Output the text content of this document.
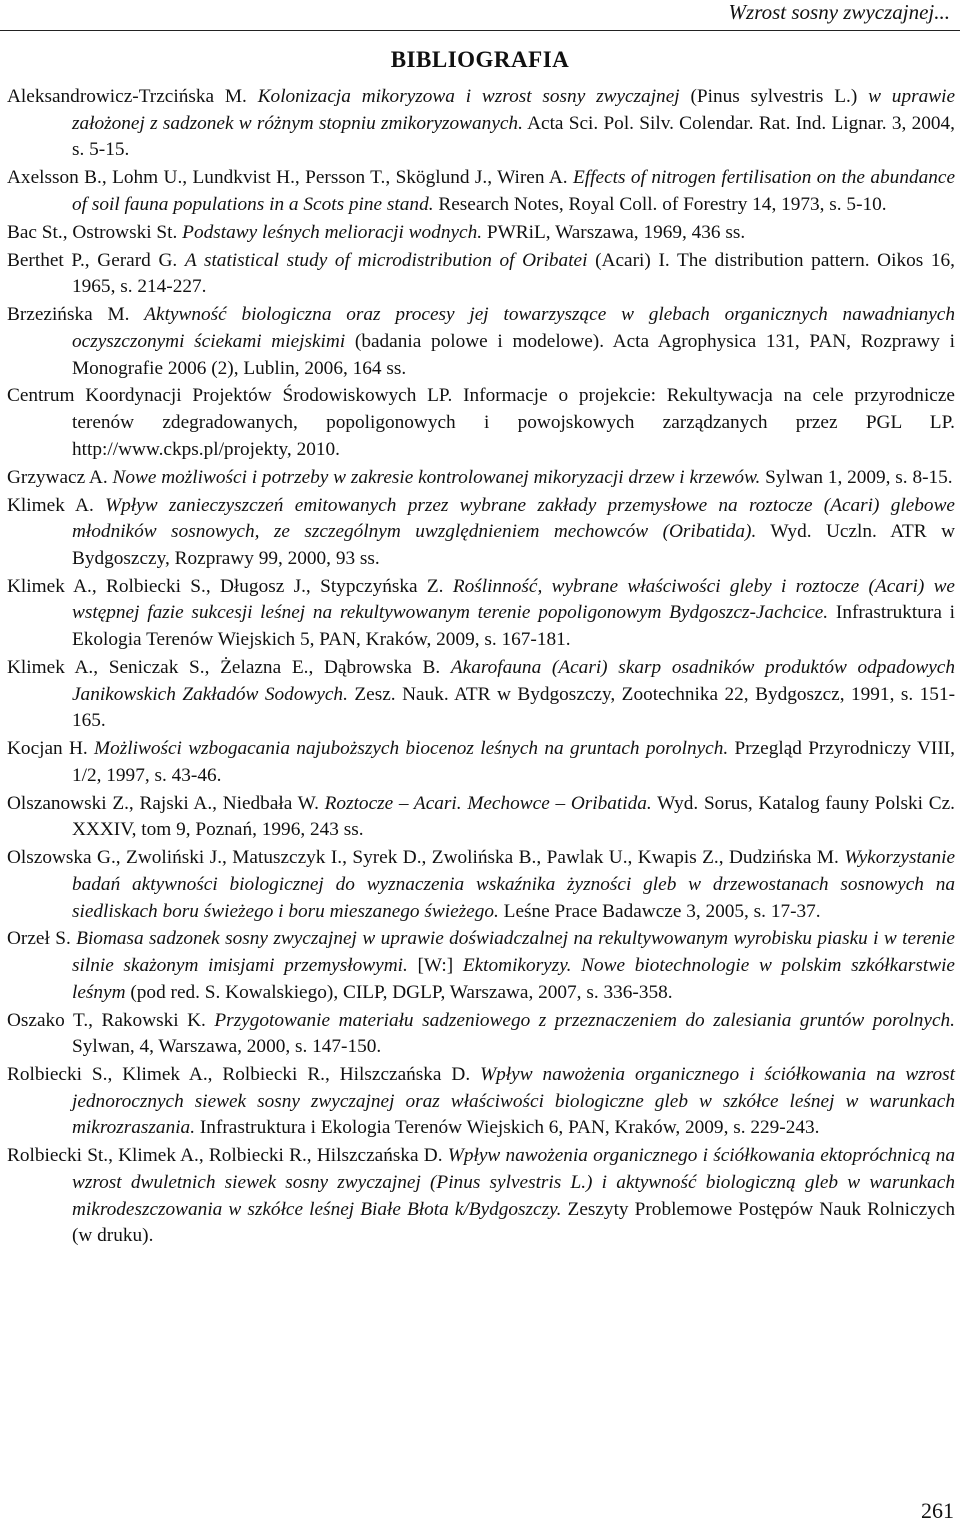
Wzrost sosny zwyczajnej...
BIBLIOGRAFIA

Aleksandrowicz-Trzcińska M. Kolonizacja mikoryzowa i wzrost sosny zwyczajnej (Pinus sylvestris L.) w uprawie założonej z sadzonek w różnym stopniu zmikoryzowanych. Acta Sci. Pol. Silv. Colendar. Rat. Ind. Lignar. 3, 2004, s. 5-15.

Axelsson B., Lohm U., Lundkvist H., Persson T., Sköglund J., Wiren A. Effects of nitrogen fertilisation on the abundance of soil fauna populations in a Scots pine stand. Research Notes, Royal Coll. of Forestry 14, 1973, s. 5-10.

Bac St., Ostrowski St. Podstawy leśnych melioracji wodnych. PWRiL, Warszawa, 1969, 436 ss.

Berthet P., Gerard G. A statistical study of microdistribution of Oribatei (Acari) I. The distribution pattern. Oikos 16, 1965, s. 214-227.

Brzezińska M. Aktywność biologiczna oraz procesy jej towarzyszące w glebach organicznych nawadnianych oczyszczonymi ściekami miejskimi (badania polowe i modelowe). Acta Agrophysica 131, PAN, Rozprawy i Monografie 2006 (2), Lublin, 2006, 164 ss.

Centrum Koordynacji Projektów Środowiskowych LP. Informacje o projekcie: Rekultywacja na cele przyrodnicze terenów zdegradowanych, popoligonowych i powojskowych zarządzanych przez PGL LP. http://www.ckps.pl/projekty, 2010.

Grzywacz A. Nowe możliwości i potrzeby w zakresie kontrolowanej mikoryzacji drzew i krzewów. Sylwan 1, 2009, s. 8-15.

Klimek A. Wpływ zanieczyszczeń emitowanych przez wybrane zakłady przemysłowe na roztocze (Acari) glebowe młodników sosnowych, ze szczególnym uwzględnieniem mechowców (Oribatida). Wyd. Uczln. ATR w Bydgoszczy, Rozprawy 99, 2000, 93 ss.

Klimek A., Rolbiecki S., Długosz J., Stypczyńska Z. Roślinność, wybrane właściwości gleby i roztocze (Acari) we wstępnej fazie sukcesji leśnej na rekultywowanym terenie popoligonowym Bydgoszcz-Jachcice. Infrastruktura i Ekologia Terenów Wiejskich 5, PAN, Kraków, 2009, s. 167-181.

Klimek A., Seniczak S., Żelazna E., Dąbrowska B. Akarofauna (Acari) skarp osadników produktów odpadowych Janikowskich Zakładów Sodowych. Zesz. Nauk. ATR w Bydgoszczy, Zootechnika 22, Bydgoszcz, 1991, s. 151-165.

Kocjan H. Możliwości wzbogacania najuboższych biocenoz leśnych na gruntach porolnych. Przegląd Przyrodniczy VIII, 1/2, 1997, s. 43-46.

Olszanowski Z., Rajski A., Niedbała W. Roztocze – Acari. Mechowce – Oribatida. Wyd. Sorus, Katalog fauny Polski Cz. XXXIV, tom 9, Poznań, 1996, 243 ss.

Olszowska G., Zwoliński J., Matuszczyk I., Syrek D., Zwolińska B., Pawlak U., Kwapis Z., Dudzińska M. Wykorzystanie badań aktywności biologicznej do wyznaczenia wskaźnika żyzności gleb w drzewostanach sosnowych na siedliskach boru świeżego i boru mieszanego świeżego. Leśne Prace Badawcze 3, 2005, s. 17-37.

Orzeł S. Biomasa sadzonek sosny zwyczajnej w uprawie doświadczalnej na rekultywowanym wyrobisku piasku i w terenie silnie skażonym imisjami przemysłowymi. [W:] Ektomikoryzy. Nowe biotechnologie w polskim szkółkarstwie leśnym (pod red. S. Kowalskiego), CILP, DGLP, Warszawa, 2007, s. 336-358.

Oszako T., Rakowski K. Przygotowanie materiału sadzeniowego z przeznaczeniem do zalesiania gruntów porolnych. Sylwan, 4, Warszawa, 2000, s. 147-150.

Rolbiecki S., Klimek A., Rolbiecki R., Hilszczańska D. Wpływ nawożenia organicznego i ściółkowania na wzrost jednorocznych siewek sosny zwyczajnej oraz właściwości biologiczne gleb w szkółce leśnej w warunkach mikrozraszania. Infrastruktura i Ekologia Terenów Wiejskich 6, PAN, Kraków, 2009, s. 229-243.

Rolbiecki St., Klimek A., Rolbiecki R., Hilszczańska D. Wpływ nawożenia organicznego i ściółkowania ektopróchnicą na wzrost dwuletnich siewek sosny zwyczajnej (Pinus sylvestris L.) i aktywność biologiczną gleb w warunkach mikrodeszczowania w szkółce leśnej Białe Błota k/Bydgoszczy. Zeszyty Problemowe Postępów Nauk Rolniczych (w druku).

261
